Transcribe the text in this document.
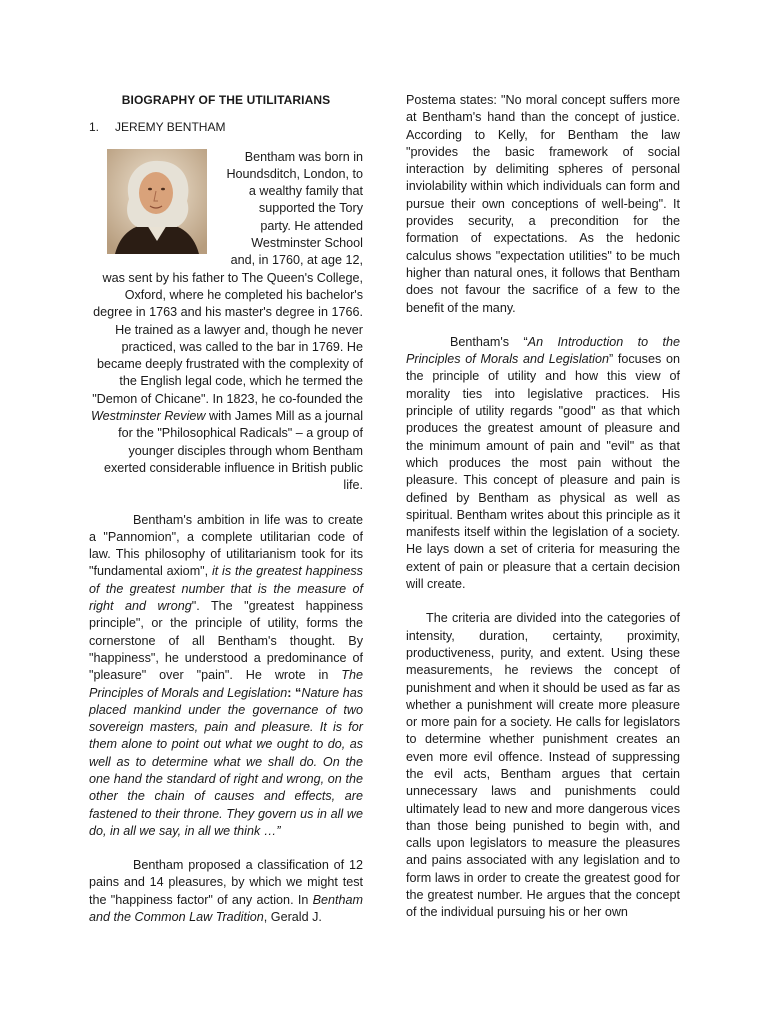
BIOGRAPHY OF THE UTILITARIANS
1. JEREMY BENTHAM

Bentham was born in Houndsditch, London, to a wealthy family that supported the Tory party. He attended Westminster School and, in 1760, at age 12, was sent by his father to The Queen's College, Oxford, where he completed his bachelor's degree in 1763 and his master's degree in 1766. He trained as a lawyer and, though he never practiced, was called to the bar in 1769. He became deeply frustrated with the complexity of the English legal code, which he termed the "Demon of Chicane". In 1823, he co-founded the Westminster Review with James Mill as a journal for the "Philosophical Radicals" – a group of younger disciples through whom Bentham exerted considerable influence in British public life.

Bentham's ambition in life was to create a "Pannomion", a complete utilitarian code of law. This philosophy of utilitarianism took for its "fundamental axiom", it is the greatest happiness of the greatest number that is the measure of right and wrong". The "greatest happiness principle", or the principle of utility, forms the cornerstone of all Bentham's thought. By "happiness", he understood a predominance of "pleasure" over "pain". He wrote in The Principles of Morals and Legislation: “Nature has placed mankind under the governance of two sovereign masters, pain and pleasure. It is for them alone to point out what we ought to do, as well as to determine what we shall do. On the one hand the standard of right and wrong, on the other the chain of causes and effects, are fastened to their throne. They govern us in all we do, in all we say, in all we think …”

Bentham proposed a classification of 12 pains and 14 pleasures, by which we might test the "happiness factor" of any action. In Bentham and the Common Law Tradition, Gerald J.

Postema states: "No moral concept suffers more at Bentham's hand than the concept of justice. According to Kelly, for Bentham the law "provides the basic framework of social interaction by delimiting spheres of personal inviolability within which individuals can form and pursue their own conceptions of well-being". It provides security, a precondition for the formation of expectations. As the hedonic calculus shows "expectation utilities" to be much higher than natural ones, it follows that Bentham does not favour the sacrifice of a few to the benefit of the many.

Bentham's “An Introduction to the Principles of Morals and Legislation” focuses on the principle of utility and how this view of morality ties into legislative practices. His principle of utility regards "good" as that which produces the greatest amount of pleasure and the minimum amount of pain and "evil" as that which produces the most pain without the pleasure. This concept of pleasure and pain is defined by Bentham as physical as well as spiritual. Bentham writes about this principle as it manifests itself within the legislation of a society. He lays down a set of criteria for measuring the extent of pain or pleasure that a certain decision will create.

The criteria are divided into the categories of intensity, duration, certainty, proximity, productiveness, purity, and extent. Using these measurements, he reviews the concept of punishment and when it should be used as far as whether a punishment will create more pleasure or more pain for a society. He calls for legislators to determine whether punishment creates an even more evil offence. Instead of suppressing the evil acts, Bentham argues that certain unnecessary laws and punishments could ultimately lead to new and more dangerous vices than those being punished to begin with, and calls upon legislators to measure the pleasures and pains associated with any legislation and to form laws in order to create the greatest good for the greatest number. He argues that the concept of the individual pursuing his or her own
